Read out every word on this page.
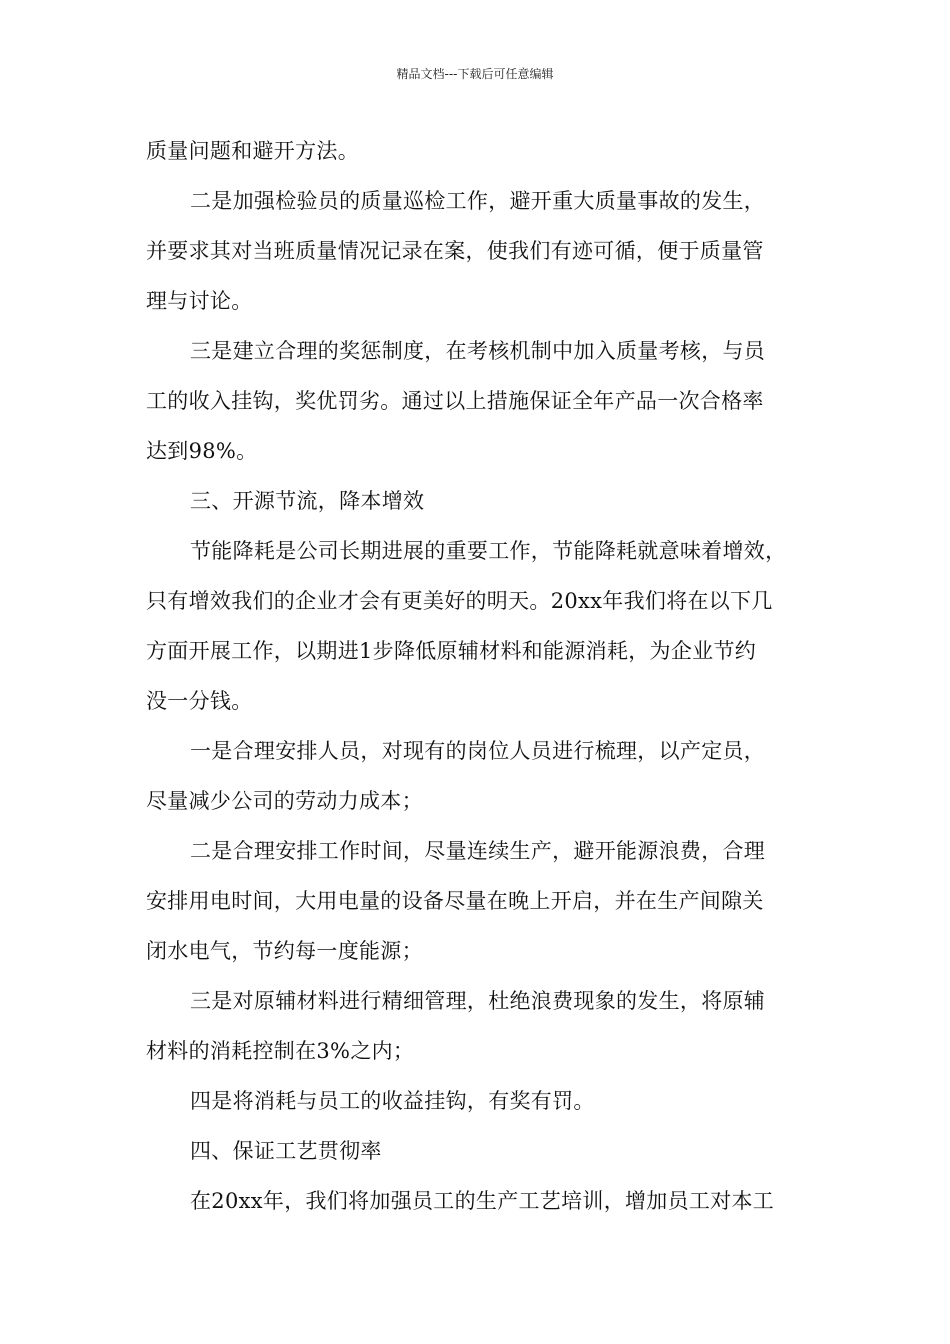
精品文档---下载后可任意编辑
质量问题和避开方法。
二是加强检验员的质量巡检工作，避开重大质量事故的发生，
并要求其对当班质量情况记录在案，使我们有迹可循，便于质量管
理与讨论。
三是建立合理的奖惩制度，在考核机制中加入质量考核，与员
工的收入挂钩，奖优罚劣。通过以上措施保证全年产品一次合格率
达到98%。
三、开源节流，降本增效
节能降耗是公司长期进展的重要工作，节能降耗就意味着增效，
只有增效我们的企业才会有更美好的明天。20xx年我们将在以下几
方面开展工作，以期进1步降低原辅材料和能源消耗，为企业节约
没一分钱。
一是合理安排人员，对现有的岗位人员进行梳理，以产定员，
尽量减少公司的劳动力成本；
二是合理安排工作时间，尽量连续生产，避开能源浪费，合理
安排用电时间，大用电量的设备尽量在晚上开启，并在生产间隙关
闭水电气，节约每一度能源；
三是对原辅材料进行精细管理，杜绝浪费现象的发生，将原辅
材料的消耗控制在3%之内；
四是将消耗与员工的收益挂钩，有奖有罚。
四、保证工艺贯彻率
在20xx年，我们将加强员工的生产工艺培训，增加员工对本工
